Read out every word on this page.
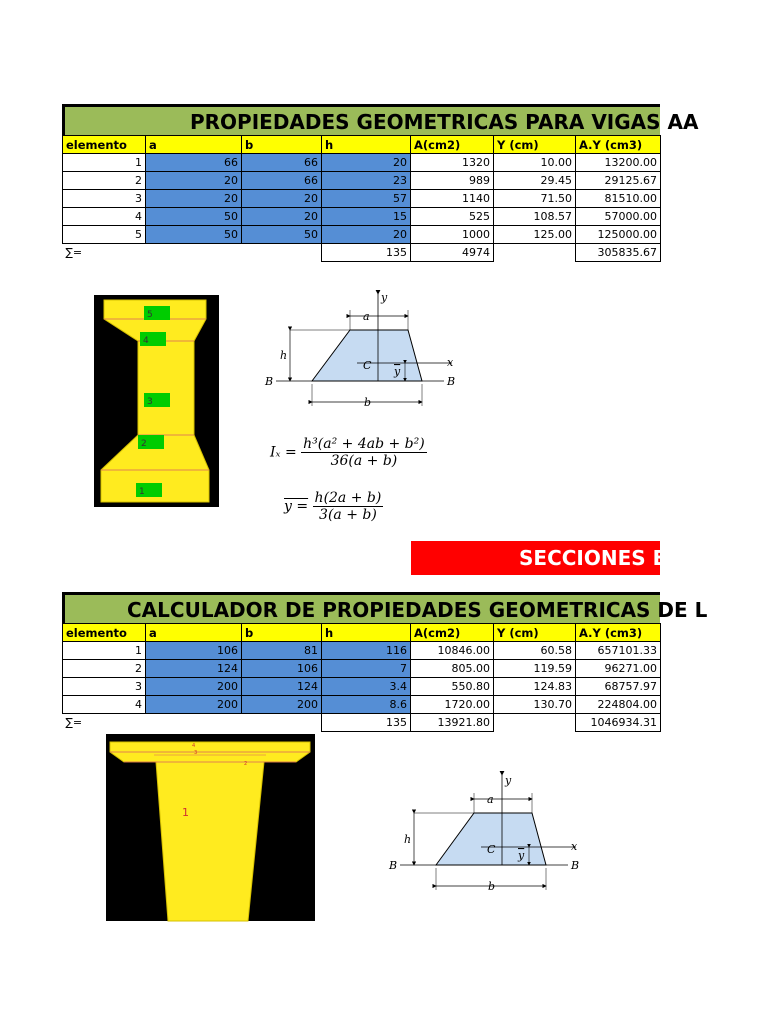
PROPIEDADES GEOMETRICAS PARA VIGAS AA
elemento	a	b	h	A(cm2)	Y (cm)	A.Y (cm3)
1	66	66	20	1320	10.00	13200.00
2	20	66	23	989	29.45	29125.67
3	20	20	57	1140	71.50	81510.00
4	50	20	15	525	108.57	57000.00
5	50	50	20	1000	125.00	125000.00
∑=			135	4974		305835.67
5
4
3
2
1
y
a
h
C	x
y
B	B
b
$I_x = \frac{\text{h³(a² + 4ab + b²)}}{36(a + b)}$
$y = \frac{h(2a + b)}{3(a + b)}$
SECCIONES EN
CALCULADOR DE PROPIEDADES GEOMETRICAS DE L
elemento	a	b	h	A(cm2)	Y (cm)	A.Y (cm3)
1	106	81	116	10846.00	60.58	657101.33
2	124	106	7	805.00	119.59	96271.00
3	200	124	3.4	550.80	124.83	68757.97
4	200	200	8.6	1720.00	130.70	224804.00
∑=			135	13921.80		1046934.31
1
2
3
4
y
a
h
C	x
y
B	B
b
